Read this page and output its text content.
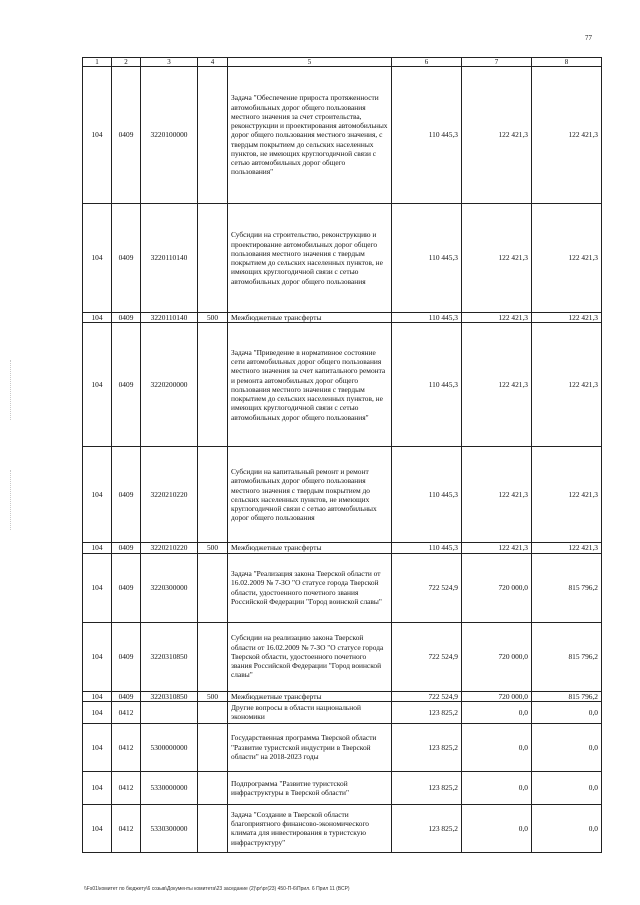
77
1	2	3	4	5	6	7	8
104	0409	3220100000		Задача "Обеспечение прироста протяженности автомобильных дорог общего пользования местного значения за счет строительства, реконструкции и проектирования автомобильных дорог общего пользования местного значения, с твердым покрытием до сельских населенных пунктов, не имеющих круглогодичной связи с сетью автомобильных дорог общего пользования"	110 445,3	122 421,3	122 421,3
104	0409	3220110140		Субсидии на строительство, реконструкцию и проектирование автомобильных дорог общего пользования местного значения с твердым покрытием до сельских населенных пунктов, не имеющих круглогодичной связи с сетью автомобильных дорог общего пользования	110 445,3	122 421,3	122 421,3
104	0409	3220110140	500	Межбюджетные трансферты	110 445,3	122 421,3	122 421,3
104	0409	3220200000		Задача "Приведение в нормативное состояние сети автомобильных дорог общего пользования местного значения за счет капитального ремонта и ремонта автомобильных дорог общего пользования местного значения с твердым покрытием до сельских населенных пунктов, не имеющих круглогодичной связи с сетью автомобильных дорог общего пользования"	110 445,3	122 421,3	122 421,3
104	0409	3220210220		Субсидии на капитальный ремонт и ремонт автомобильных дорог общего пользования местного значения с твердым покрытием до сельских населенных пунктов, не имеющих круглогодичной связи с сетью автомобильных дорог общего пользования	110 445,3	122 421,3	122 421,3
104	0409	3220210220	500	Межбюджетные трансферты	110 445,3	122 421,3	122 421,3
104	0409	3220300000		Задача "Реализация закона Тверской области от 16.02.2009 № 7-ЗО "О статусе города Тверской области, удостоенного почетного звания Российской Федерации "Город воинской славы"	722 524,9	720 000,0	815 796,2
104	0409	3220310850		Субсидии на реализацию закона Тверской области от 16.02.2009 № 7-ЗО "О статусе города Тверской области, удостоенного почетного звания Российской Федерации "Город воинской славы"	722 524,9	720 000,0	815 796,2
104	0409	3220310850	500	Межбюджетные трансферты	722 524,9	720 000,0	815 796,2
104	0412			Другие вопросы в области национальной экономики	123 825,2	0,0	0,0
104	0412	5300000000		Государственная программа Тверской области "Развитие туристской индустрии в Тверской области" на 2018-2023 годы	123 825,2	0,0	0,0
104	0412	5330000000		Подпрограмма "Развитие туристской инфраструктуры в Тверской области"	123 825,2	0,0	0,0
104	0412	5330300000		Задача "Создание в Тверской области благоприятного финансово-экономического климата для инвестирования в туристскую инфраструктуру"	123 825,2	0,0	0,0
\\Fs01\комитет по бюджету\6 созыв\Документы комитета\23 заседание (2)\рг\рг(23) 450-П-6\Прил. 6 Прил 11 (ВСР)
